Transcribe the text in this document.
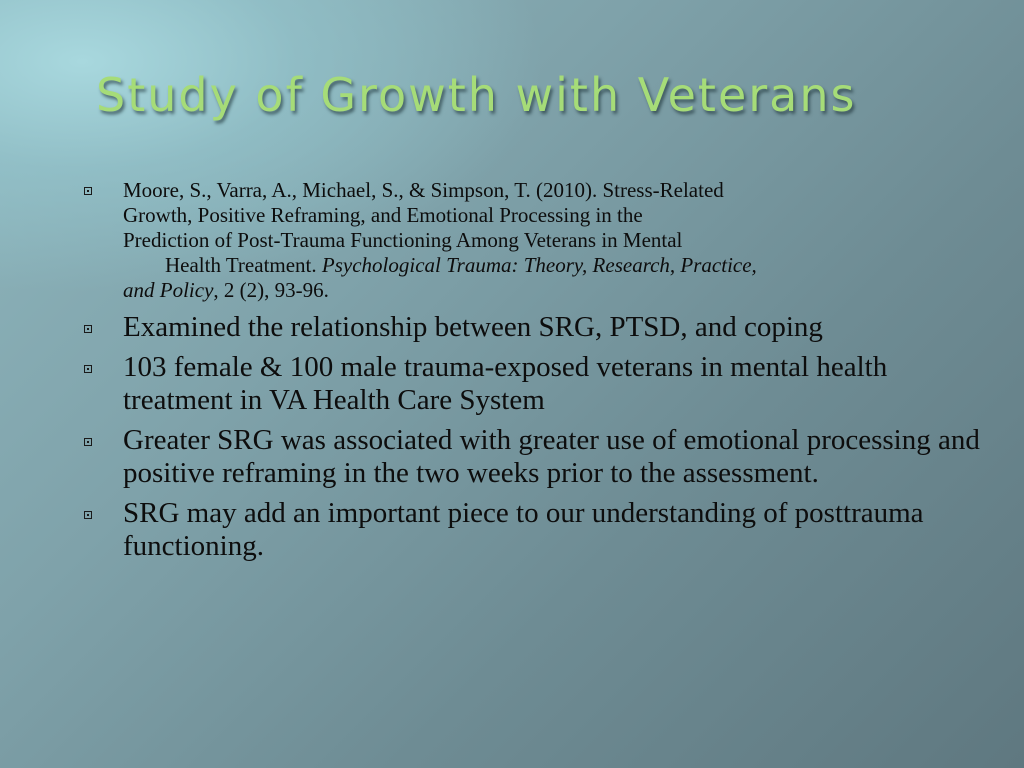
Study of Growth with Veterans
Moore, S., Varra, A., Michael, S., & Simpson, T. (2010). Stress-Related
Growth, Positive Reframing, and Emotional Processing in the
Prediction of Post-Trauma Functioning Among Veterans in Mental
Health Treatment. Psychological Trauma: Theory, Research, Practice,
and Policy, 2 (2), 93-96.
Examined the relationship between SRG, PTSD, and coping
103 female & 100 male trauma-exposed veterans in mental health treatment in VA Health Care System
Greater SRG was associated with greater use of emotional processing and positive reframing in the two weeks prior to the assessment.
SRG may add an important piece to our understanding of posttrauma functioning.
